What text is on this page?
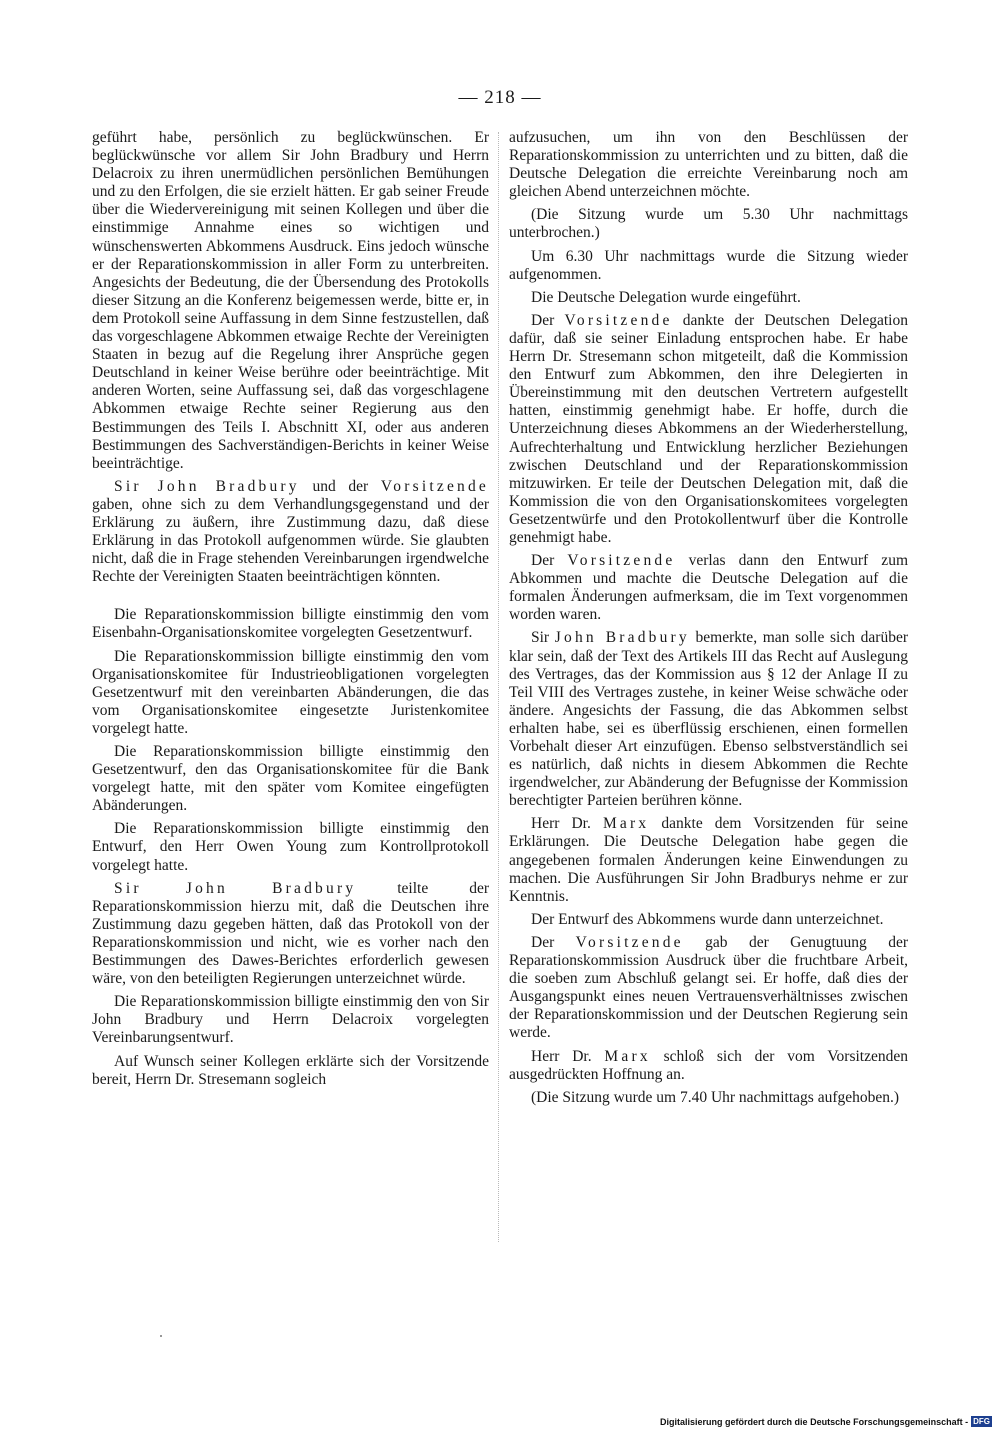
— 218 —

geführt habe, persönlich zu beglückwünschen. Er beglückwünsche vor allem Sir John Bradbury und Herrn Delacroix zu ihren unermüdlichen persönlichen Bemühungen und zu den Erfolgen, die sie erzielt hätten. Er gab seiner Freude über die Wiedervereinigung mit seinen Kollegen und über die einstimmige Annahme eines so wichtigen und wünschenswerten Abkommens Ausdruck. Eins jedoch wünsche er der Reparationskommission in aller Form zu unterbreiten. Angesichts der Bedeutung, die der Übersendung des Protokolls dieser Sitzung an die Konferenz beigemessen werde, bitte er, in dem Protokoll seine Auffassung in dem Sinne festzustellen, daß das vorgeschlagene Abkommen etwaige Rechte der Vereinigten Staaten in bezug auf die Regelung ihrer Ansprüche gegen Deutschland in keiner Weise berühre oder beeinträchtige. Mit anderen Worten, seine Auffassung sei, daß das vorgeschlagene Abkommen etwaige Rechte seiner Regierung aus den Bestimmungen des Teils I. Abschnitt XI, oder aus anderen Bestimmungen des Sachverständigen-Berichts in keiner Weise beeinträchtige.

Sir John Bradbury und der Vorsitzende gaben, ohne sich zu dem Verhandlungsgegenstand und der Erklärung zu äußern, ihre Zustimmung dazu, daß diese Erklärung in das Protokoll aufgenommen würde. Sie glaubten nicht, daß die in Frage stehenden Vereinbarungen irgendwelche Rechte der Vereinigten Staaten beeinträchtigen könnten.

Die Reparationskommission billigte einstimmig den vom Eisenbahn-Organisationskomitee vorgelegten Gesetzentwurf.

Die Reparationskommission billigte einstimmig den vom Organisationskomitee für Industrieobligationen vorgelegten Gesetzentwurf mit den vereinbarten Abänderungen, die das vom Organisationskomitee eingesetzte Juristenkomitee vorgelegt hatte.

Die Reparationskommission billigte einstimmig den Gesetzentwurf, den das Organisationskomitee für die Bank vorgelegt hatte, mit den später vom Komitee eingefügten Abänderungen.

Die Reparationskommission billigte einstimmig den Entwurf, den Herr Owen Young zum Kontrollprotokoll vorgelegt hatte.

Sir John Bradbury teilte der Reparationskommission hierzu mit, daß die Deutschen ihre Zustimmung dazu gegeben hätten, daß das Protokoll von der Reparationskommission und nicht, wie es vorher nach den Bestimmungen des Dawes-Berichtes erforderlich gewesen wäre, von den beteiligten Regierungen unterzeichnet würde.

Die Reparationskommission billigte einstimmig den von Sir John Bradbury und Herrn Delacroix vorgelegten Vereinbarungsentwurf.

Auf Wunsch seiner Kollegen erklärte sich der Vorsitzende bereit, Herrn Dr. Stresemann sogleich

aufzusuchen, um ihn von den Beschlüssen der Reparationskommission zu unterrichten und zu bitten, daß die Deutsche Delegation die erreichte Vereinbarung noch am gleichen Abend unterzeichnen möchte.

(Die Sitzung wurde um 5.30 Uhr nachmittags unterbrochen.)

Um 6.30 Uhr nachmittags wurde die Sitzung wieder aufgenommen.

Die Deutsche Delegation wurde eingeführt.

Der Vorsitzende dankte der Deutschen Delegation dafür, daß sie seiner Einladung entsprochen habe. Er habe Herrn Dr. Stresemann schon mitgeteilt, daß die Kommission den Entwurf zum Abkommen, den ihre Delegierten in Übereinstimmung mit den deutschen Vertretern aufgestellt hatten, einstimmig genehmigt habe. Er hoffe, durch die Unterzeichnung dieses Abkommens an der Wiederherstellung, Aufrechterhaltung und Entwicklung herzlicher Beziehungen zwischen Deutschland und der Reparationskommission mitzuwirken. Er teile der Deutschen Delegation mit, daß die Kommission die von den Organisationskomitees vorgelegten Gesetzentwürfe und den Protokollentwurf über die Kontrolle genehmigt habe.

Der Vorsitzende verlas dann den Entwurf zum Abkommen und machte die Deutsche Delegation auf die formalen Änderungen aufmerksam, die im Text vorgenommen worden waren.

Sir John Bradbury bemerkte, man solle sich darüber klar sein, daß der Text des Artikels III das Recht auf Auslegung des Vertrages, das der Kommission aus § 12 der Anlage II zu Teil VIII des Vertrages zustehe, in keiner Weise schwäche oder ändere. Angesichts der Fassung, die das Abkommen selbst erhalten habe, sei es überflüssig erschienen, einen formellen Vorbehalt dieser Art einzufügen. Ebenso selbstverständlich sei es natürlich, daß nichts in diesem Abkommen die Rechte irgendwelcher, zur Abänderung der Befugnisse der Kommission berechtigter Parteien berühren könne.

Herr Dr. Marx dankte dem Vorsitzenden für seine Erklärungen. Die Deutsche Delegation habe gegen die angegebenen formalen Änderungen keine Einwendungen zu machen. Die Ausführungen Sir John Bradburys nehme er zur Kenntnis.

Der Entwurf des Abkommens wurde dann unterzeichnet.

Der Vorsitzende gab der Genugtuung der Reparationskommission Ausdruck über die fruchtbare Arbeit, die soeben zum Abschluß gelangt sei. Er hoffe, daß dies der Ausgangspunkt eines neuen Vertrauensverhältnisses zwischen der Reparationskommission und der Deutschen Regierung sein werde.

Herr Dr. Marx schloß sich der vom Vorsitzenden ausgedrückten Hoffnung an.

(Die Sitzung wurde um 7.40 Uhr nachmittags aufgehoben.)

Digitalisierung gefördert durch die Deutsche Forschungsgemeinschaft - DFG
